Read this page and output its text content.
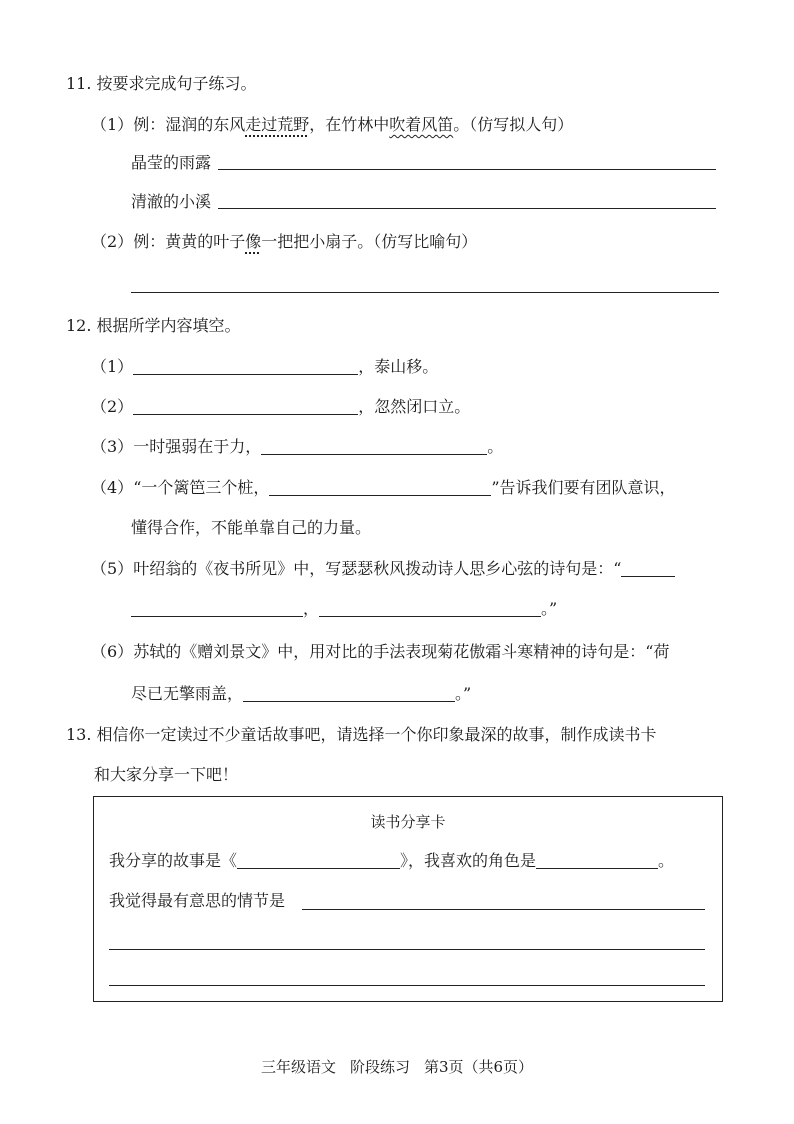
11. 按要求完成句子练习。
（1）例：湿润的东风走过荒野，在竹林中吹着风笛。（仿写拟人句）
晶莹的雨露
清澈的小溪
（2）例：黄黄的叶子像一把把小扇子。（仿写比喻句）
12. 根据所学内容填空。
（1）	，泰山移。
（2）	，忽然闭口立。
（3）一时强弱在于力，	。
（4）“一个篱笆三个桩，	”告诉我们要有团队意识，
懂得合作，不能单靠自己的力量。
（5）叶绍翁的《夜书所见》中，写瑟瑟秋风拨动诗人思乡心弦的诗句是：“
，	。”
（6）苏轼的《赠刘景文》中，用对比的手法表现菊花傲霜斗寒精神的诗句是：“荷
尽已无擎雨盖，	。”
13. 相信你一定读过不少童话故事吧，请选择一个你印象最深的故事，制作成读书卡
和大家分享一下吧！
读书分享卡
我分享的故事是《	》，我喜欢的角色是	。
我觉得最有意思的情节是
三年级语文 阶段练习 第3页（共6页）
